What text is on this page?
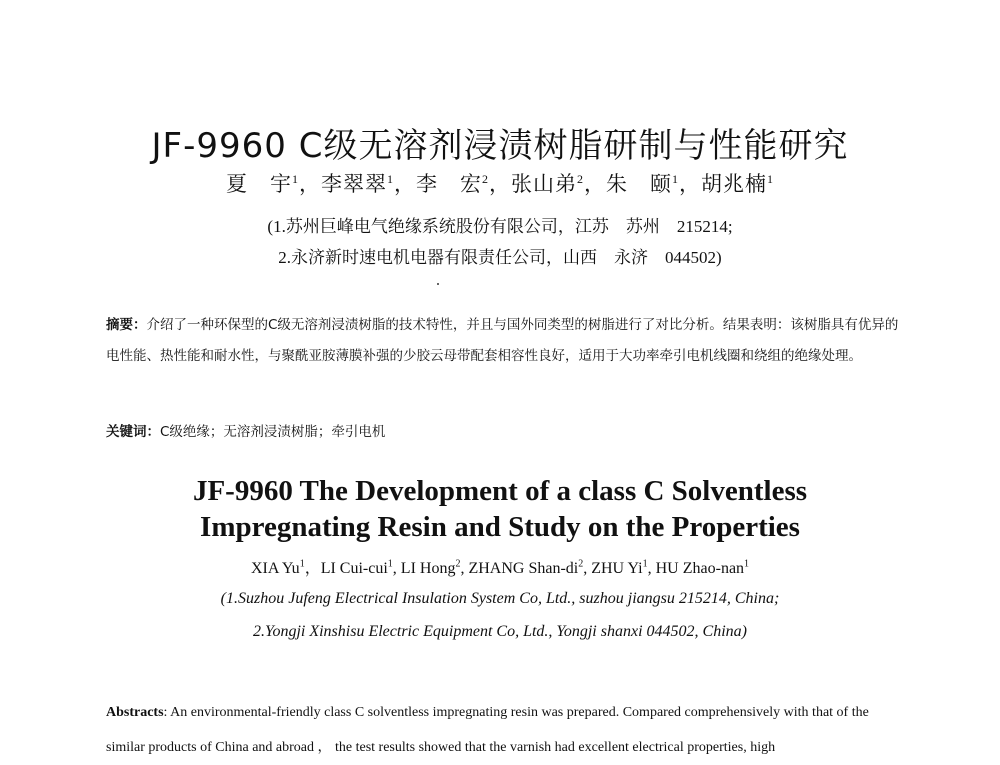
JF-9960 C级无溶剂浸渍树脂研制与性能研究
夏　宇$^1$，李翠翠$^1$，李　宏$^2$，张山弟$^2$，朱　颐$^1$，胡兆楠$^1$
(1.苏州巨峰电气绝缘系统股份有限公司，江苏　苏州　215214;
2.永济新时速电机电器有限责任公司，山西　永济　044502)
摘要：介绍了一种环保型的C级无溶剂浸渍树脂的技术特性，并且与国外同类型的树脂进行了对比分析。结果表明：该树脂具有优异的电性能、热性能和耐水性，与聚酰亚胺薄膜补强的少胶云母带配套相容性良好，适用于大功率牵引电机线圈和绕组的绝缘处理。
关键词：C级绝缘；无溶剂浸渍树脂；牵引电机
JF-9960 The Development of a class C Solventless
Impregnating Resin and Study on the Properties
XIA Yu$^1$，LI Cui-cui$^1$, LI Hong$^2$, ZHANG Shan-$di^2$, ZHU Yi$^1$, HU Zhao-nan$^1$
(1.Suzhou Jufeng Electrical Insulation System Co, Ltd., suzhou jiangsu 215214, China;
2.Yongji Xinshisu Electric Equipment Co, Ltd., Yongji shanxi 044502, China)
Abstracts: An environmental-friendly class C solventless impregnating resin was prepared. Compared comprehensively with that of the similar products of China and abroad ， the test results showed that the varnish had excellent electrical properties, high
